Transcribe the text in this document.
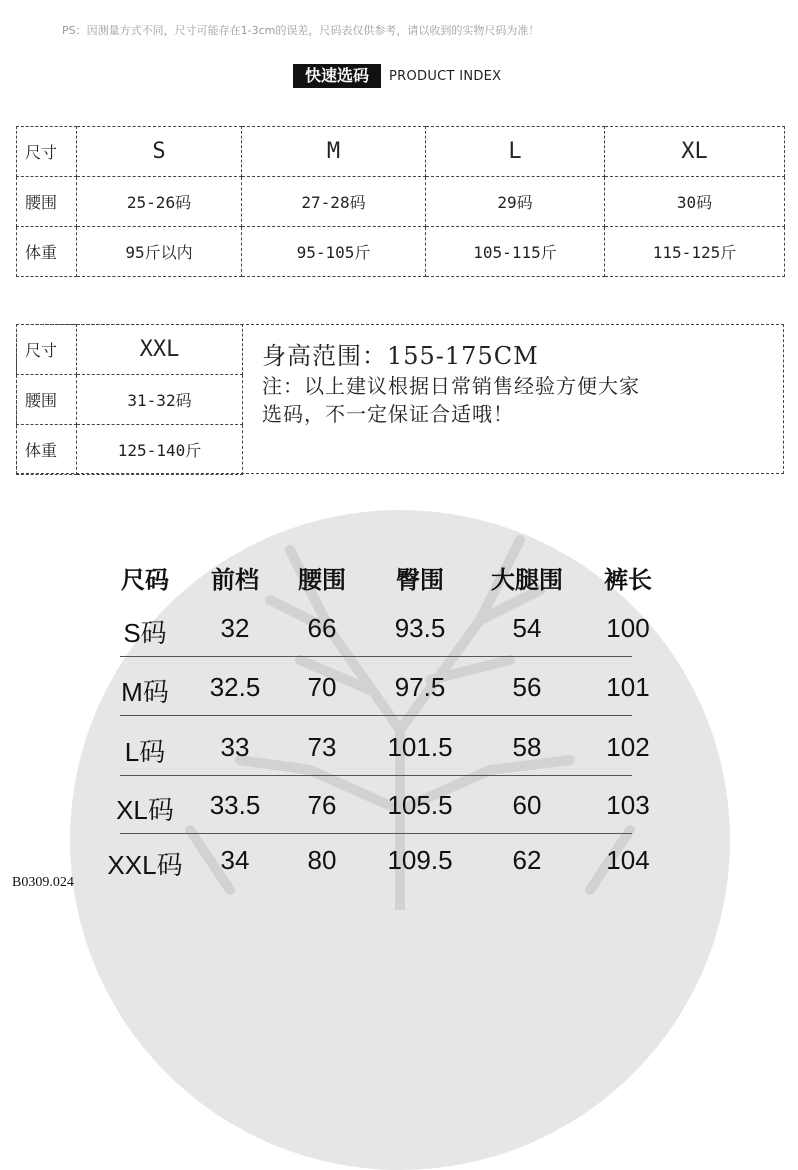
PS：因测量方式不同，尺寸可能存在1-3cm的误差，尺码表仅供参考，请以收到的实物尺码为准！
快速选码	PRODUCT INDEX
尺寸	S	M	L	XL
腰围	25-26码	27-28码	29码	30码
体重	95斤以内	95-105斤	105-115斤	115-125斤
尺寸	XXL
腰围	31-32码
体重	125-140斤
身高范围：155-175CM
注：以上建议根据日常销售经验方便大家
选码，不一定保证合适哦！
尺码 前档 腰围 臀围 大腿围 裤长
S码 32 66 93.5	54 100
M码 32.5 70 97.5	56 101
L码 33 73 101.5 58 102
XL码 33.5 76 105.5 60 103
XXL码 34 80 109.5 62 104
B0309.024
